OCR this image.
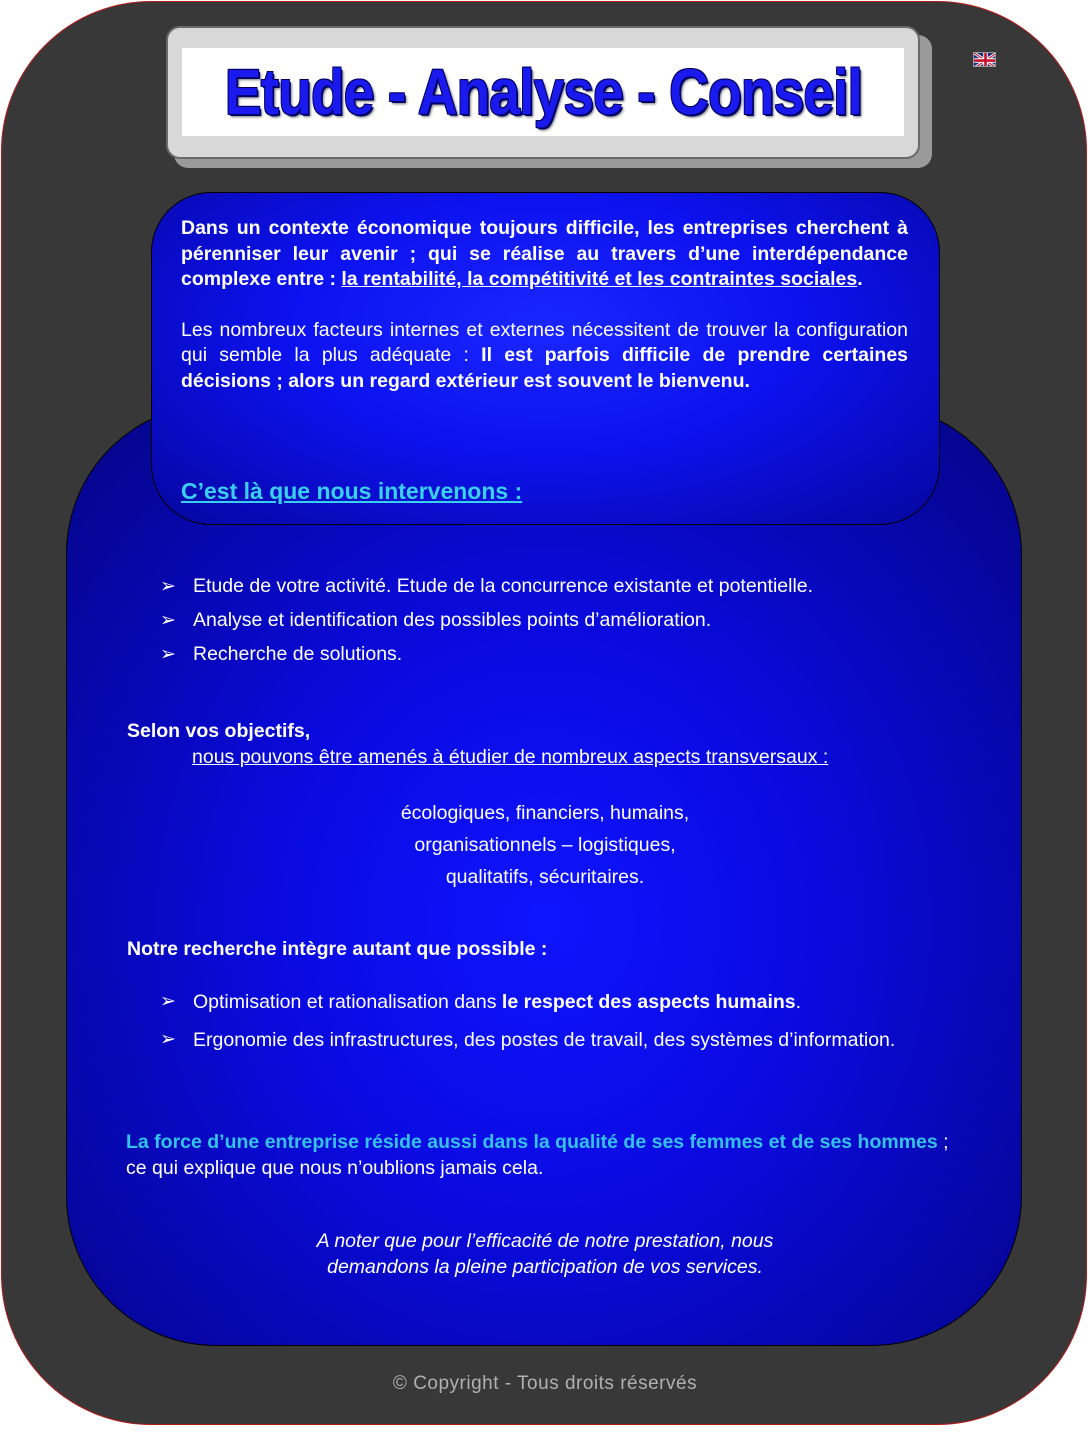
Etude - Analyse - Conseil

Dans un contexte économique toujours difficile, les entreprises cherchent à pérenniser leur avenir ; qui se réalise au travers d’une interdépendance complexe entre : la rentabilité, la compétitivité et les contraintes sociales.

Les nombreux facteurs internes et externes nécessitent de trouver la configuration qui semble la plus adéquate : Il est parfois difficile de prendre certaines décisions ; alors un regard extérieur est souvent le bienvenu.

C’est là que nous intervenons :
➢ Etude de votre activité. Etude de la concurrence existante et potentielle.
➢ Analyse et identification des possibles points d’amélioration.
➢ Recherche de solutions.
Selon vos objectifs,
nous pouvons être amenés à étudier de nombreux aspects transversaux :
écologiques, financiers, humains,
organisationnels – logistiques,
qualitatifs, sécuritaires.
Notre recherche intègre autant que possible :
➢ Optimisation et rationalisation dans le respect des aspects humains.
➢ Ergonomie des infrastructures, des postes de travail, des systèmes d’information.
La force d’une entreprise réside aussi dans la qualité de ses femmes et de ses hommes ; ce qui explique que nous n’oublions jamais cela.
A noter que pour l’efficacité de notre prestation, nous
demandons la pleine participation de vos services.
© Copyright - Tous droits réservés
